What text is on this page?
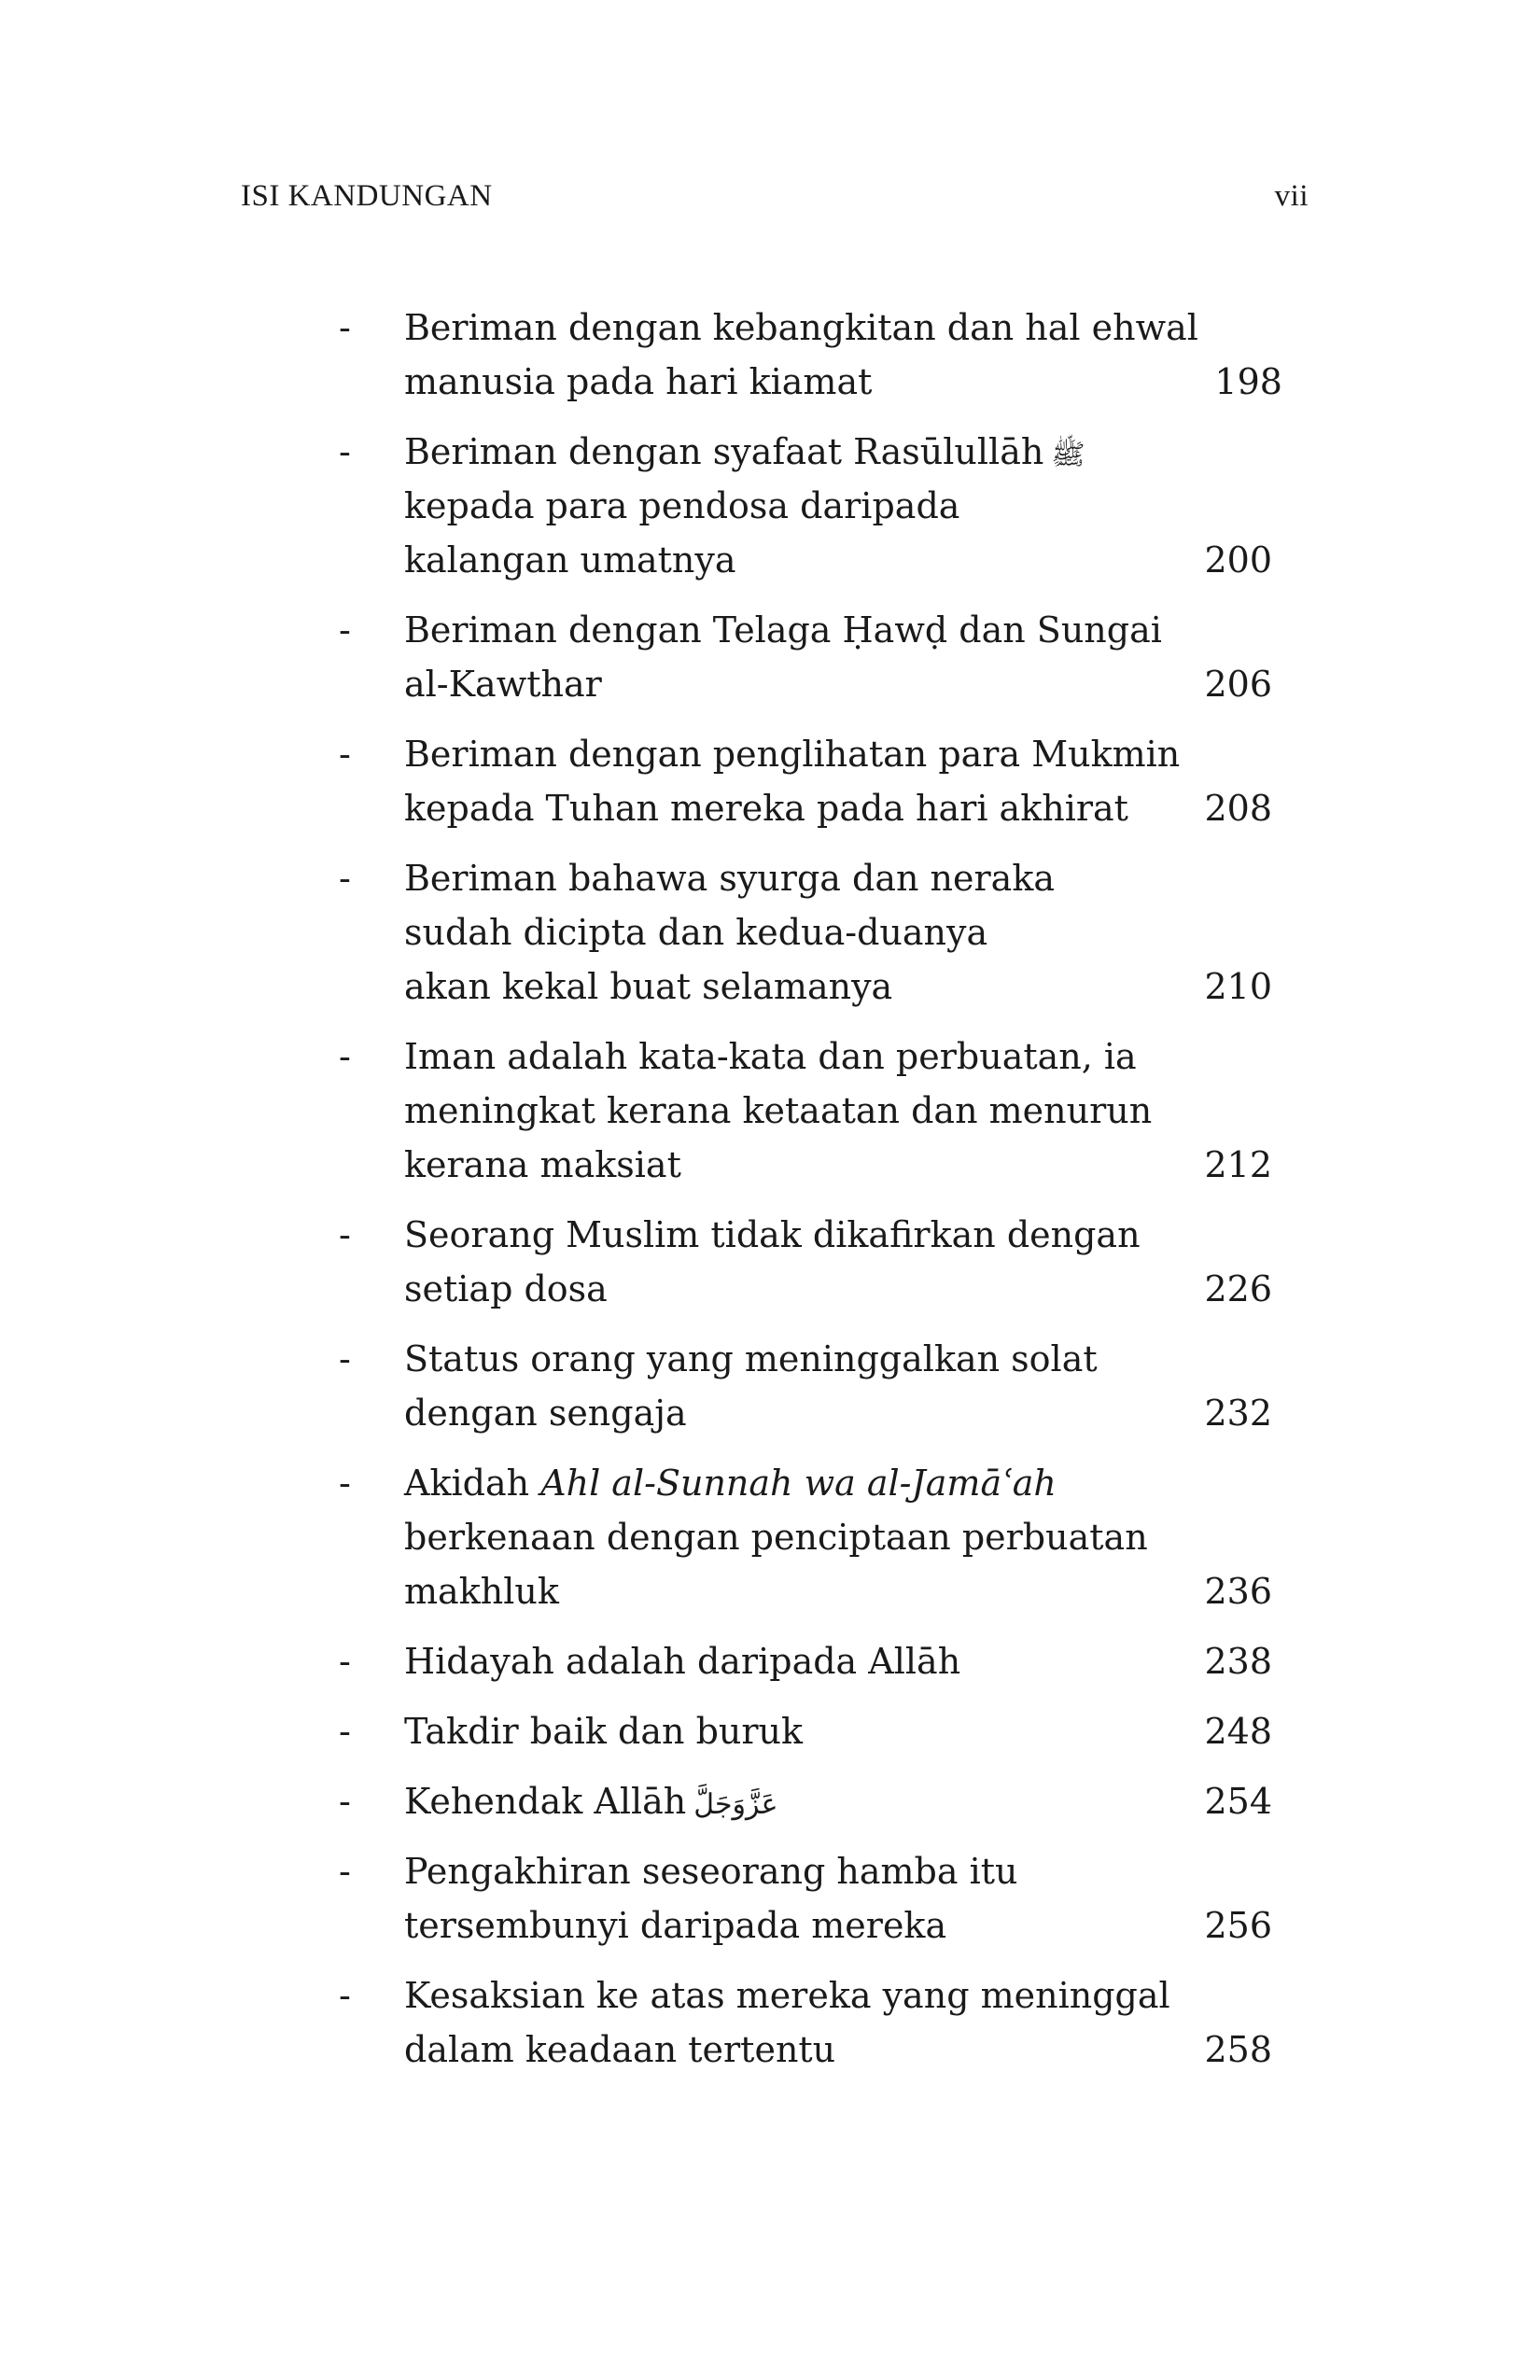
ISI KANDUNGAN	vii
-	Beriman dengan kebangkitan dan hal ehwal
manusia pada hari kiamat	198
-	Beriman dengan syafaat Rasūlullāh ﷺ
kepada para pendosa daripada
kalangan umatnya	200
-	Beriman dengan Telaga Ḥawḍ dan Sungai
al-Kawthar	206
-	Beriman dengan penglihatan para Mukmin
kepada Tuhan mereka pada hari akhirat	208
-	Beriman bahawa syurga dan neraka
sudah dicipta dan kedua-duanya
akan kekal buat selamanya	210
-	Iman adalah kata-kata dan perbuatan, ia
meningkat kerana ketaatan dan menurun
kerana maksiat	212
-	Seorang Muslim tidak dikafirkan dengan
setiap dosa	226
-	Status orang yang meninggalkan solat
dengan sengaja	232
-	Akidah Ahl al-Sunnah wa al-Jamāʿah
berkenaan dengan penciptaan perbuatan
makhluk	236
-	Hidayah adalah daripada Allāh	238
-	Takdir baik dan buruk	248
-	Kehendak Allāh عَزَّوَجَلَّ	254
-	Pengakhiran seseorang hamba itu
tersembunyi daripada mereka	256
-	Kesaksian ke atas mereka yang meninggal
dalam keadaan tertentu	258
